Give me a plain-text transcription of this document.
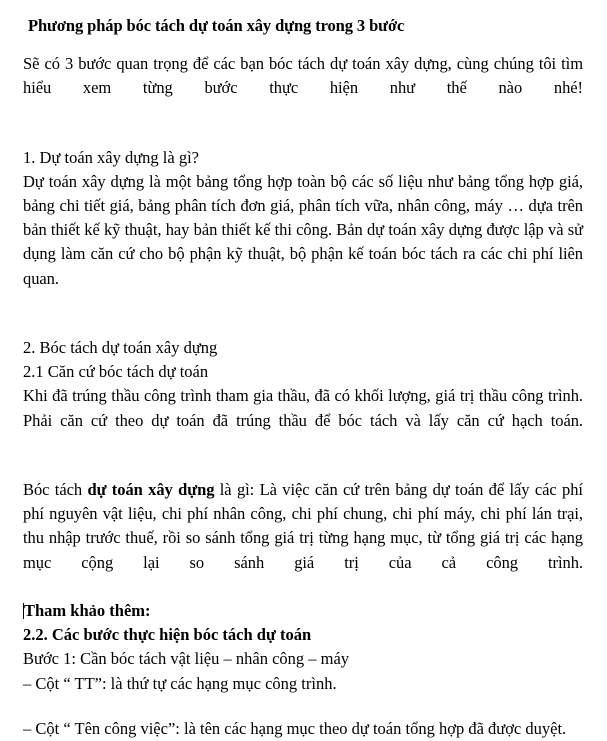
Phương pháp bóc tách dự toán xây dựng trong 3 bước

Sẽ có 3 bước quan trọng để các bạn bóc tách dự toán xây dựng, cùng chúng tôi tìm hiểu xem từng bước thực hiện như thế nào nhé!

1. Dự toán xây dựng là gì?

Dự toán xây dựng là một bảng tổng hợp toàn bộ các số liệu như bảng tổng hợp giá, bảng chi tiết giá, bảng phân tích đơn giá, phân tích vữa, nhân công, máy … dựa trên bản thiết kế kỹ thuật, hay bản thiết kế thi công. Bản dự toán xây dựng được lập và sử dụng làm căn cứ cho bộ phận kỹ thuật, bộ phận kế toán bóc tách ra các chi phí liên quan.

2. Bóc tách dự toán xây dựng

2.1 Căn cứ bóc tách dự toán

Khi đã trúng thầu công trình tham gia thầu, đã có khối lượng, giá trị thầu công trình. Phải căn cứ theo dự toán đã trúng thầu để bóc tách và lấy căn cứ hạch toán.

Bóc tách dự toán xây dựng là gì: Là việc căn cứ trên bảng dự toán để lấy các phí phí nguyên vật liệu, chi phí nhân công, chi phí chung, chi phí máy, chi phí lán trại, thu nhập trước thuế, rồi so sánh tổng giá trị từng hạng mục, từ tổng giá trị các hạng mục cộng lại so sánh giá trị của cả công trình.

Tham khảo thêm:

2.2. Các bước thực hiện bóc tách dự toán

Bước 1: Cần bóc tách vật liệu – nhân công – máy

– Cột “ TT”: là thứ tự các hạng mục công trình.

– Cột “ Tên công việc”: là tên các hạng mục theo dự toán tổng hợp đã được duyệt.
